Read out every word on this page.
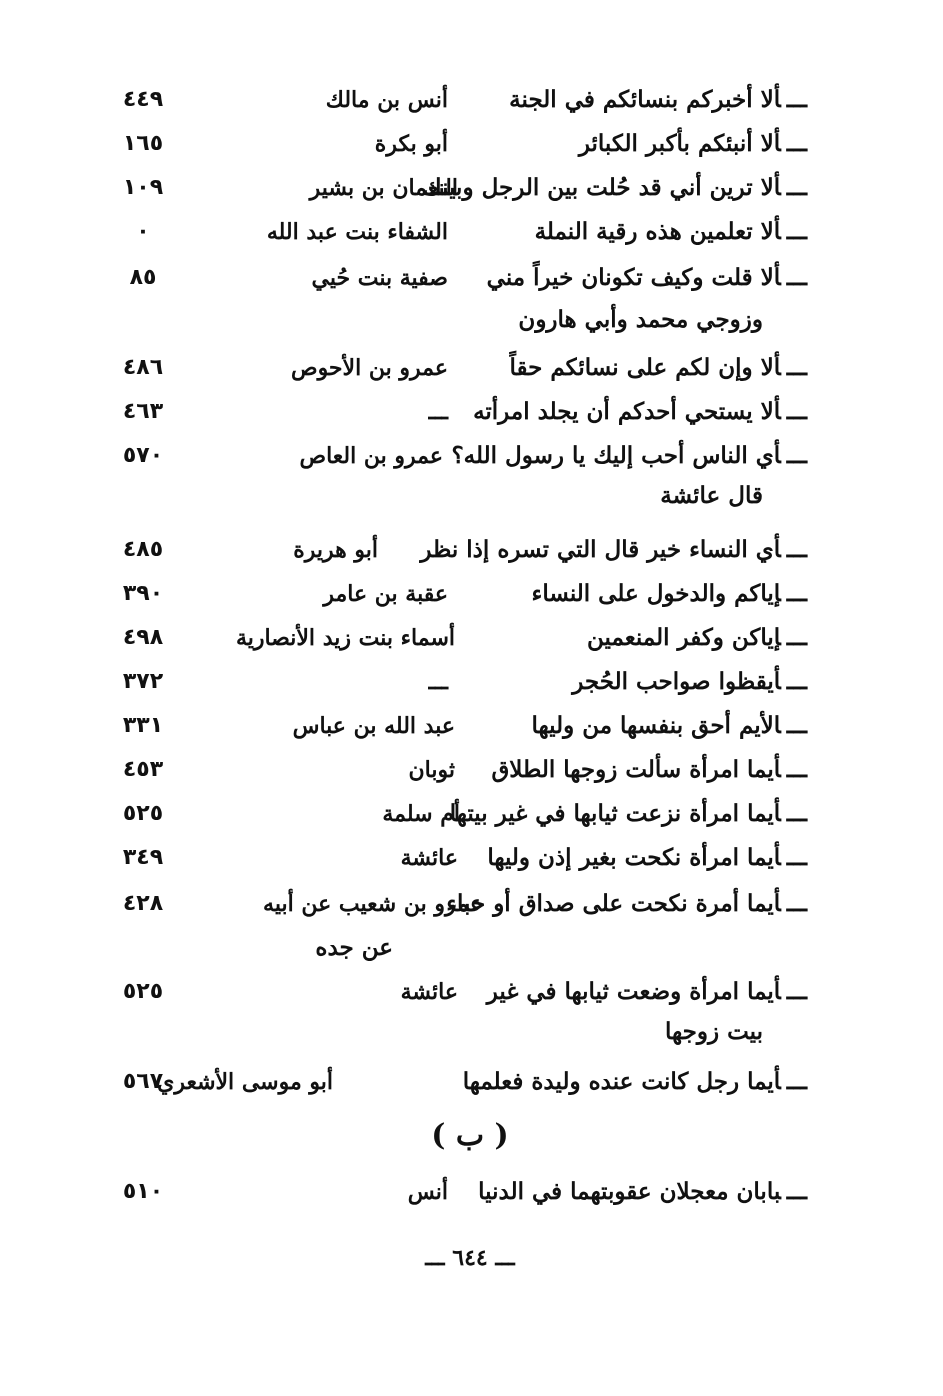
ـــألا أخبركم بنسائكم في الجنة
أنس بن مالك
٤٤٩
ـــألا أنبئكم بأكبر الكبائر
أبو بكرة
١٦٥
ـــألا ترين أني قد حُلت بين الرجل وبينك
النعمان بن بشير
١٠٩
ـــألا تعلمين هذه رقية النملة
الشفاء بنت عبد الله
٠
ـــألا قلت وكيف تكونان خيراً مني
صفية بنت حُيي
٨٥
وزوجي محمد وأبي هارون
ـــألا وإن لكم على نسائكم حقاً
عمرو بن الأحوص
٤٨٦
ـــألا يستحي أحدكم أن يجلد امرأته
ـــ
٤٦٣
ـــأي الناس أحب إليك يا رسول الله؟
عمرو بن العاص
٥٧٠
قال عائشة
ـــأي النساء خير قال التي تسره إذا نظر
أبو هريرة
٤٨٥
ـــإياكم والدخول على النساء
عقبة بن عامر
٣٩٠
ـــإياكن وكفر المنعمين
أسماء بنت زيد الأنصارية
٤٩٨
ـــأيقظوا صواحب الحُجر
ـــ
٣٧٢
ـــالأيم أحق بنفسها من وليها
عبد الله بن عباس
٣٣١
ـــأيما امرأة سألت زوجها الطلاق
ثوبان
٤٥٣
ـــأيما امرأة نزعت ثيابها في غير بيتها
أم سلمة
٥٢٥
ـــأيما امرأة نكحت بغير إذن وليها
عائشة
٣٤٩
ـــأيما أمرة نكحت على صداق أو حباء
عمرو بن شعيب عن أبيه
٤٢٨
عن جده
ـــأيما امرأة وضعت ثيابها في غير
عائشة
٥٢٥
بيت زوجها
ـــأيما رجل كانت عنده وليدة فعلمها
أبو موسى الأشعري
٥٦٧
( ب )
ـــبابان معجلان عقوبتهما في الدنيا
أنس
٥١٠
ـــ ٦٤٤ ـــ
